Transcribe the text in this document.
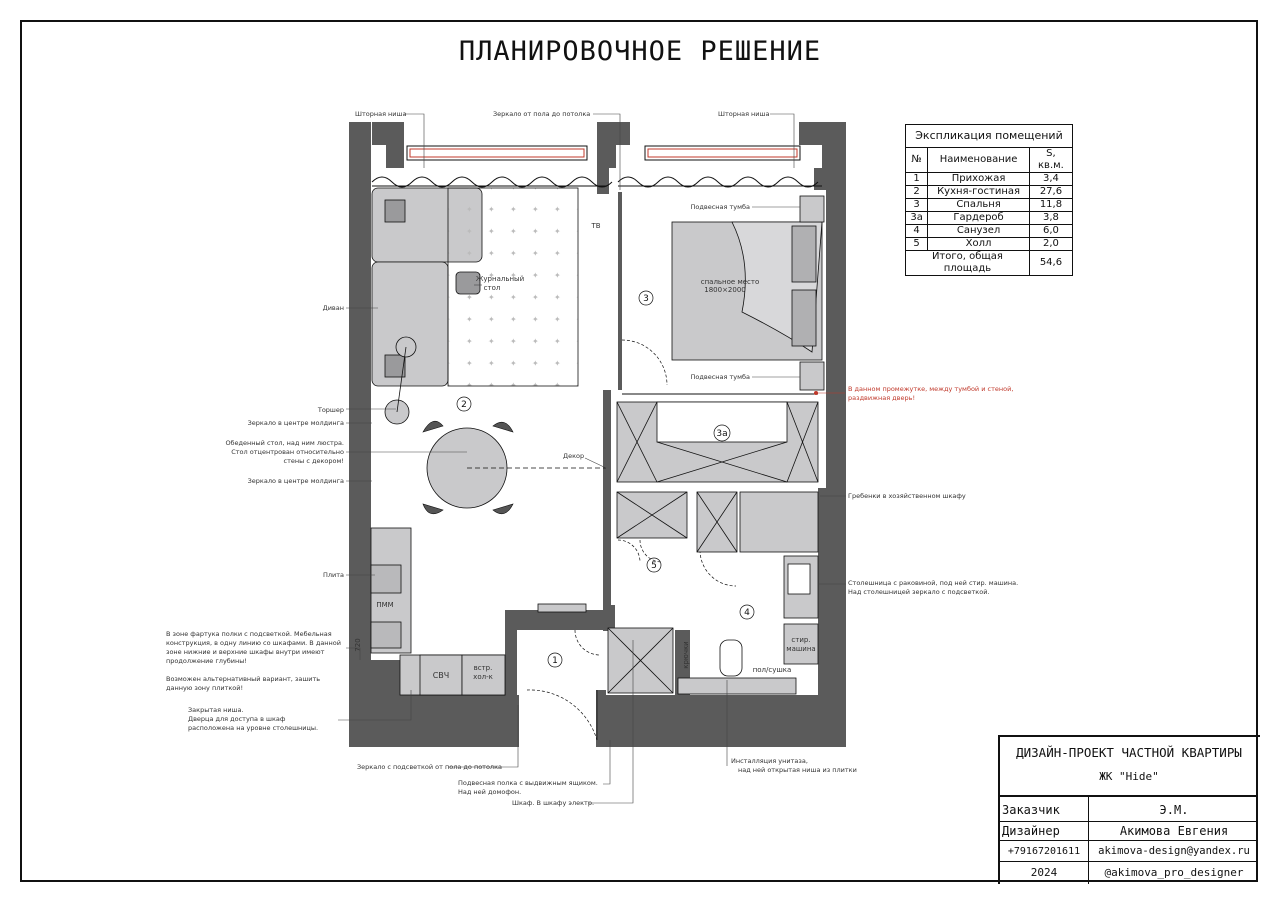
ПЛАНИРОВОЧНОЕ РЕШЕНИЕ
2
3
3а
4
5
1
спальное место
1800×2000
Журнальный
стол
СВЧ
встр.
хол-к
стир.
машина
ПММ
ТВ
пол/сушка
крючки
720
Шторная ниша	Зеркало от пола до потолка	Шторная ниша
Диван
Торшер
Зеркало в центре молдинга
Обеденный стол, над ним люстра.
Стол отцентрован относительно
стены с декором!
Зеркало в центре молдинга
Декор
Плита
В зоне фартука полки с подсветкой. Мебельная
конструкция, в одну линию со шкафами. В данной
зоне нижние и верхние шкафы внутри имеют
продолжение глубины!
Возможен альтернативный вариант, зашить
данную зону плиткой!
Закрытая ниша.
Дверца для доступа в шкаф
расположена на уровне столешницы.
Подвесная тумба
Подвесная тумба
В данном промежутке, между тумбой и стеной,
раздвижная дверь!
Гребенки в хозяйственном шкафу
Столешница с раковиной, под ней стир. машина.
Над столешницей зеркало с подсветкой.
Зеркало с подсветкой от пола до потолка
Подвесная полка с выдвижным ящиком.
Над ней домофон.
Шкаф. В шкафу электр.
Инсталляция унитаза,
над ней открытая ниша из плитки
Экспликация помещений		
№	Наименование	S, кв.м.
1	Прихожая	3,4
2	Кухня-гостиная	27,6
3	Спальня	11,8
3а	Гардероб	3,8
4	Санузел	6,0
5	Холл	2,0
Итого, общая площадь		54,6
ДИЗАЙН-ПРОЕКТ ЧАСТНОЙ КВАРТИРЫ
ЖК "Hide"
Заказчик	Э.М.
Дизайнер	Акимова Евгения
+79167201611	akimova-design@yandex.ru
2024	@akimova_pro_designer
